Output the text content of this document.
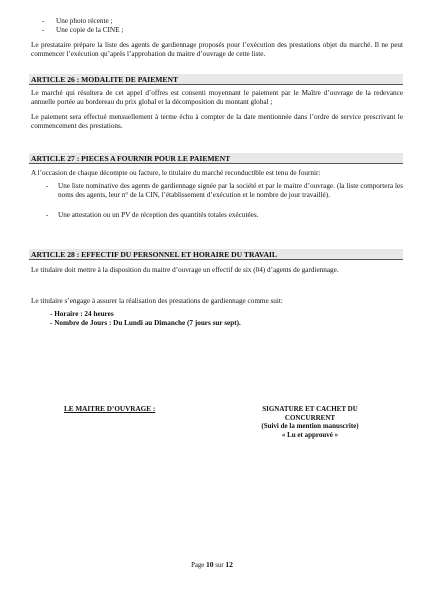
- Une photo récente ;
- Une copie de la CINE ;
Le prestataire prépare la liste des agents de gardiennage proposés pour l’exécution des prestations objet du marché. Il ne peut commencer l’exécution qu’après l’approbation du maitre d’ouvrage de cette liste.
ARTICLE 26 : MODALITE DE PAIEMENT
Le marché qui résultera de cet appel d’offres est consenti moyennant le paiement par le Maître d’ouvrage de la redevance annuelle portée au bordereau du prix global et la décomposition du montant global ;
Le paiement sera effectué mensuellement à terme échu à compter de la date mentionnée dans l’ordre de service prescrivant le commencement des prestations.
ARTICLE 27 : PIECES A FOURNIR POUR LE PAIEMENT
A l’occasion de chaque décompte ou facture, le titulaire du marché reconductible est tenu de fournir:
- Une liste nominative des agents de gardiennage signée par la société et par le maitre d’ouvrage. (la liste comportera les noms des agents, leur n° de la CIN, l’établissement d’exécution et le nombre de jour travaillé).
- Une attestation ou un PV de réception des quantités totales exécutées.
ARTICLE 28 : EFFECTIF DU PERSONNEL ET HORAIRE DU TRAVAIL
Le titulaire doit mettre à la disposition du maitre d’ouvrage un effectif de six (04) d’agents de gardiennage.
Le titulaire s’engage à assurer la réalisation des prestations de gardiennage comme suit:
- Horaire : 24 heures
- Nombre de Jours : Du Lundi au Dimanche (7 jours sur sept).
LE MAITRE D’OUVRAGE :	SIGNATURE ET CACHET DU
CONCURRENT
(Suivi de la mention manuscrite)
« Lu et approuvé »
Page 10 sur 12
